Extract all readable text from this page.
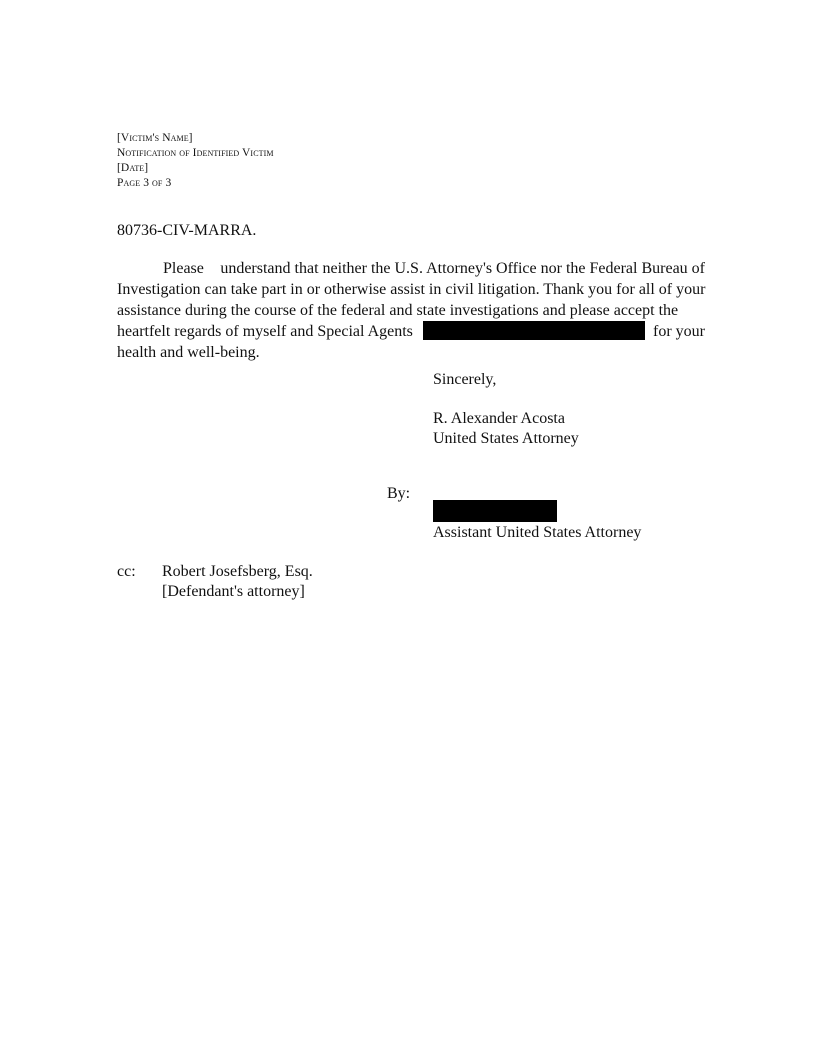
[Victim's Name]
Notification of Identified Victim
[Date]
Page 3 of 3
80736-CIV-MARRA.
Please	understand that neither the U.S. Attorney's Office nor the Federal Bureau of
Investigation can take part in or otherwise assist in civil litigation. Thank you for all of your
assistance during the course of the federal and state investigations and please accept the
heartfelt regards of myself and Special Agents	for your
health and well-being.
Sincerely,
R. Alexander Acosta
United States Attorney
By:
Assistant United States Attorney
cc: Robert Josefsberg, Esq.
[Defendant's attorney]
